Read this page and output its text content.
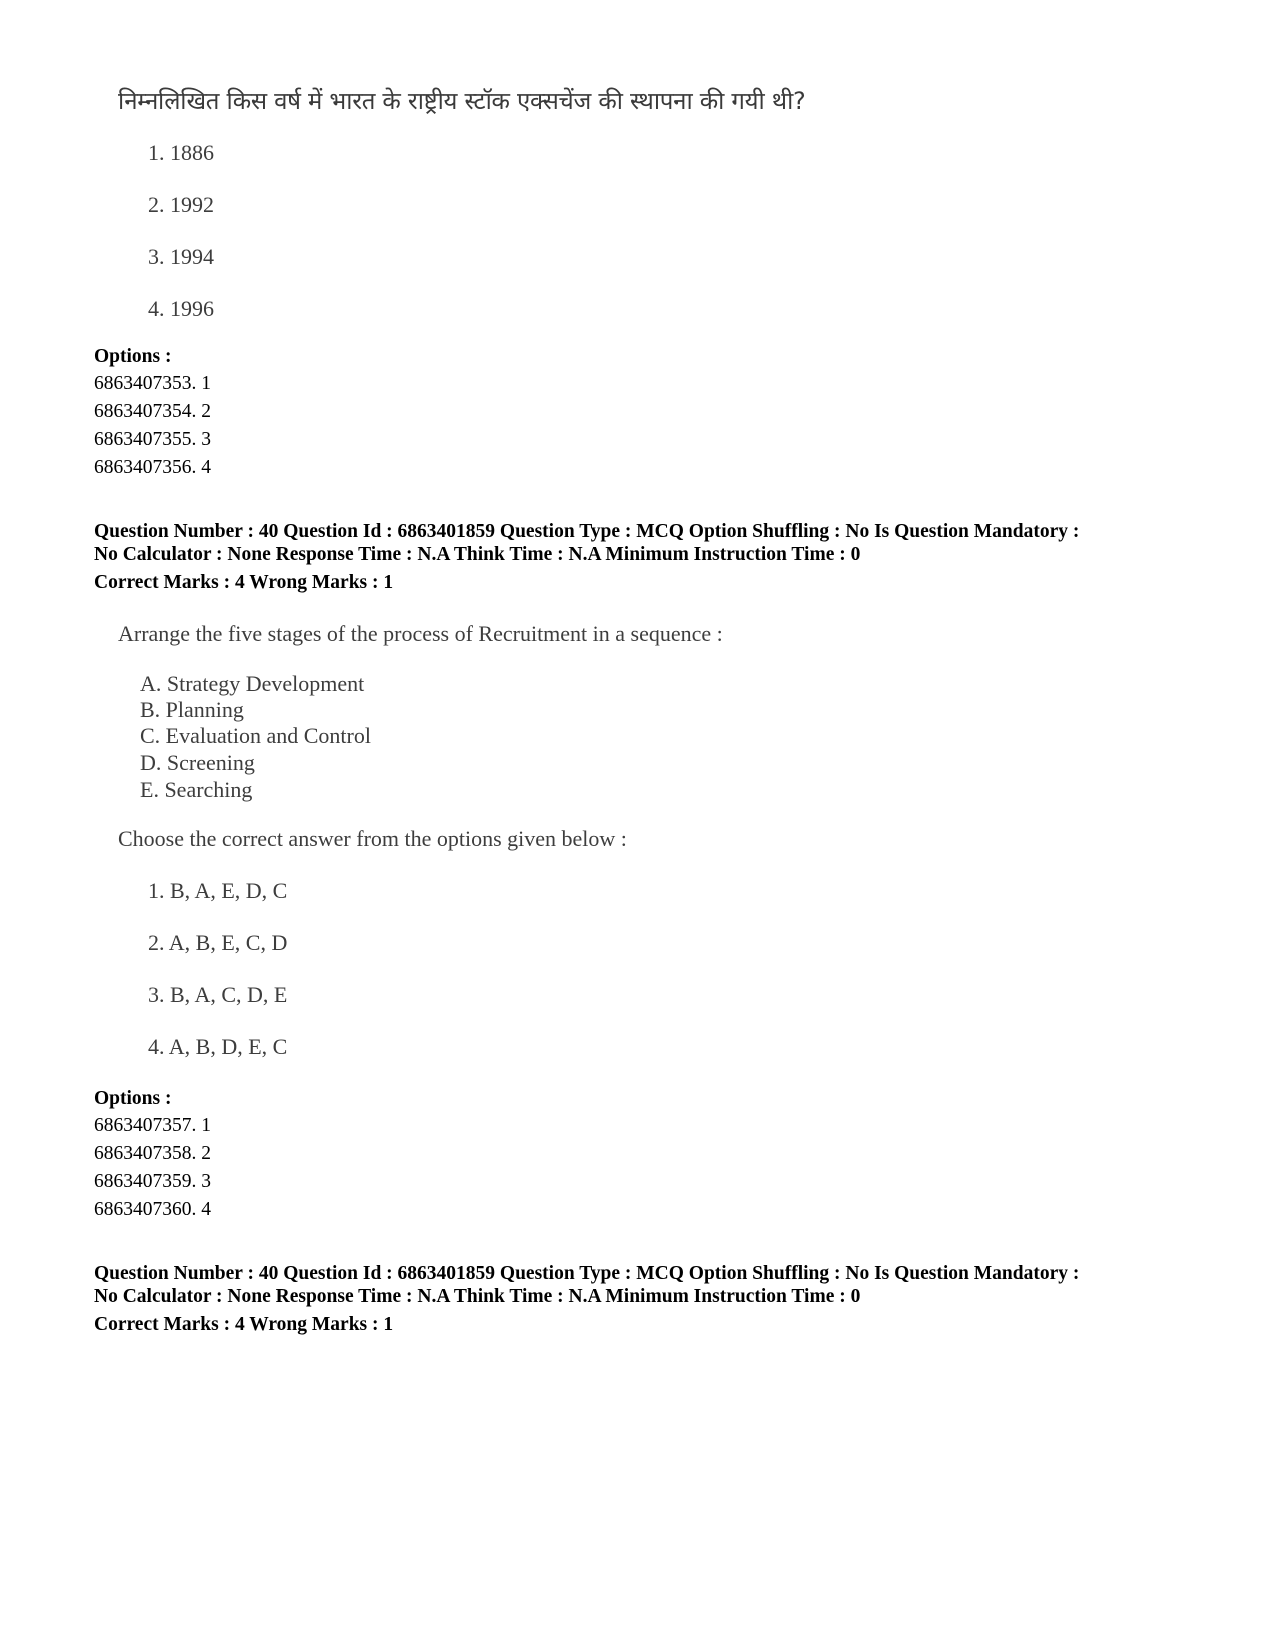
निम्नलिखित किस वर्ष में भारत के राष्ट्रीय स्टॉक एक्सचेंज की स्थापना की गयी थी?

1. 1886

2. 1992

3. 1994

4. 1996

Options :

6863407353. 1

6863407354. 2

6863407355. 3

6863407356. 4

Question Number : 40 Question Id : 6863401859 Question Type : MCQ Option Shuffling : No Is Question Mandatory :

No Calculator : None Response Time : N.A Think Time : N.A Minimum Instruction Time : 0

Correct Marks : 4 Wrong Marks : 1

Arrange the five stages of the process of Recruitment in a sequence :

A. Strategy Development

B. Planning

C. Evaluation and Control

D. Screening

E. Searching

Choose the correct answer from the options given below :

1. B, A, E, D, C

2. A, B, E, C, D

3. B, A, C, D, E

4. A, B, D, E, C

Options :

6863407357. 1

6863407358. 2

6863407359. 3

6863407360. 4

Question Number : 40 Question Id : 6863401859 Question Type : MCQ Option Shuffling : No Is Question Mandatory :

No Calculator : None Response Time : N.A Think Time : N.A Minimum Instruction Time : 0

Correct Marks : 4 Wrong Marks : 1
